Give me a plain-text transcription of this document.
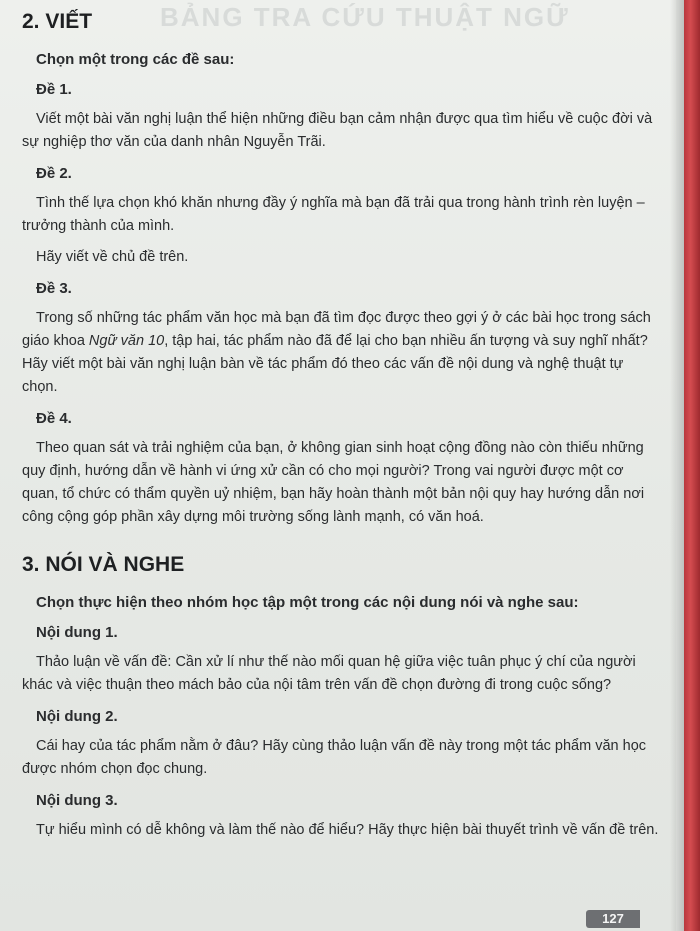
BẢNG TRA CỨU THUẬT NGỮ
2. VIẾT
Chọn một trong các đề sau:
Đề 1.

Viết một bài văn nghị luận thể hiện những điều bạn cảm nhận được qua tìm hiểu về cuộc đời và sự nghiệp thơ văn của danh nhân Nguyễn Trãi.

Đề 2.

Tình thế lựa chọn khó khăn nhưng đầy ý nghĩa mà bạn đã trải qua trong hành trình rèn luyện – trưởng thành của mình.

Hãy viết về chủ đề trên.

Đề 3.

Trong số những tác phẩm văn học mà bạn đã tìm đọc được theo gợi ý ở các bài học trong sách giáo khoa Ngữ văn 10, tập hai, tác phẩm nào đã để lại cho bạn nhiều ấn tượng và suy nghĩ nhất? Hãy viết một bài văn nghị luận bàn về tác phẩm đó theo các vấn đề nội dung và nghệ thuật tự chọn.

Đề 4.

Theo quan sát và trải nghiệm của bạn, ở không gian sinh hoạt cộng đồng nào còn thiếu những quy định, hướng dẫn về hành vi ứng xử cần có cho mọi người? Trong vai người được một cơ quan, tổ chức có thẩm quyền uỷ nhiệm, bạn hãy hoàn thành một bản nội quy hay hướng dẫn nơi công cộng góp phần xây dựng môi trường sống lành mạnh, có văn hoá.

3. NÓI VÀ NGHE
Chọn thực hiện theo nhóm học tập một trong các nội dung nói và nghe sau:
Nội dung 1.

Thảo luận về vấn đề: Cần xử lí như thế nào mối quan hệ giữa việc tuân phục ý chí của người khác và việc thuận theo mách bảo của nội tâm trên vấn đề chọn đường đi trong cuộc sống?

Nội dung 2.

Cái hay của tác phẩm nằm ở đâu? Hãy cùng thảo luận vấn đề này trong một tác phẩm văn học được nhóm chọn đọc chung.

Nội dung 3.

Tự hiểu mình có dễ không và làm thế nào để hiểu? Hãy thực hiện bài thuyết trình về vấn đề trên.

127
